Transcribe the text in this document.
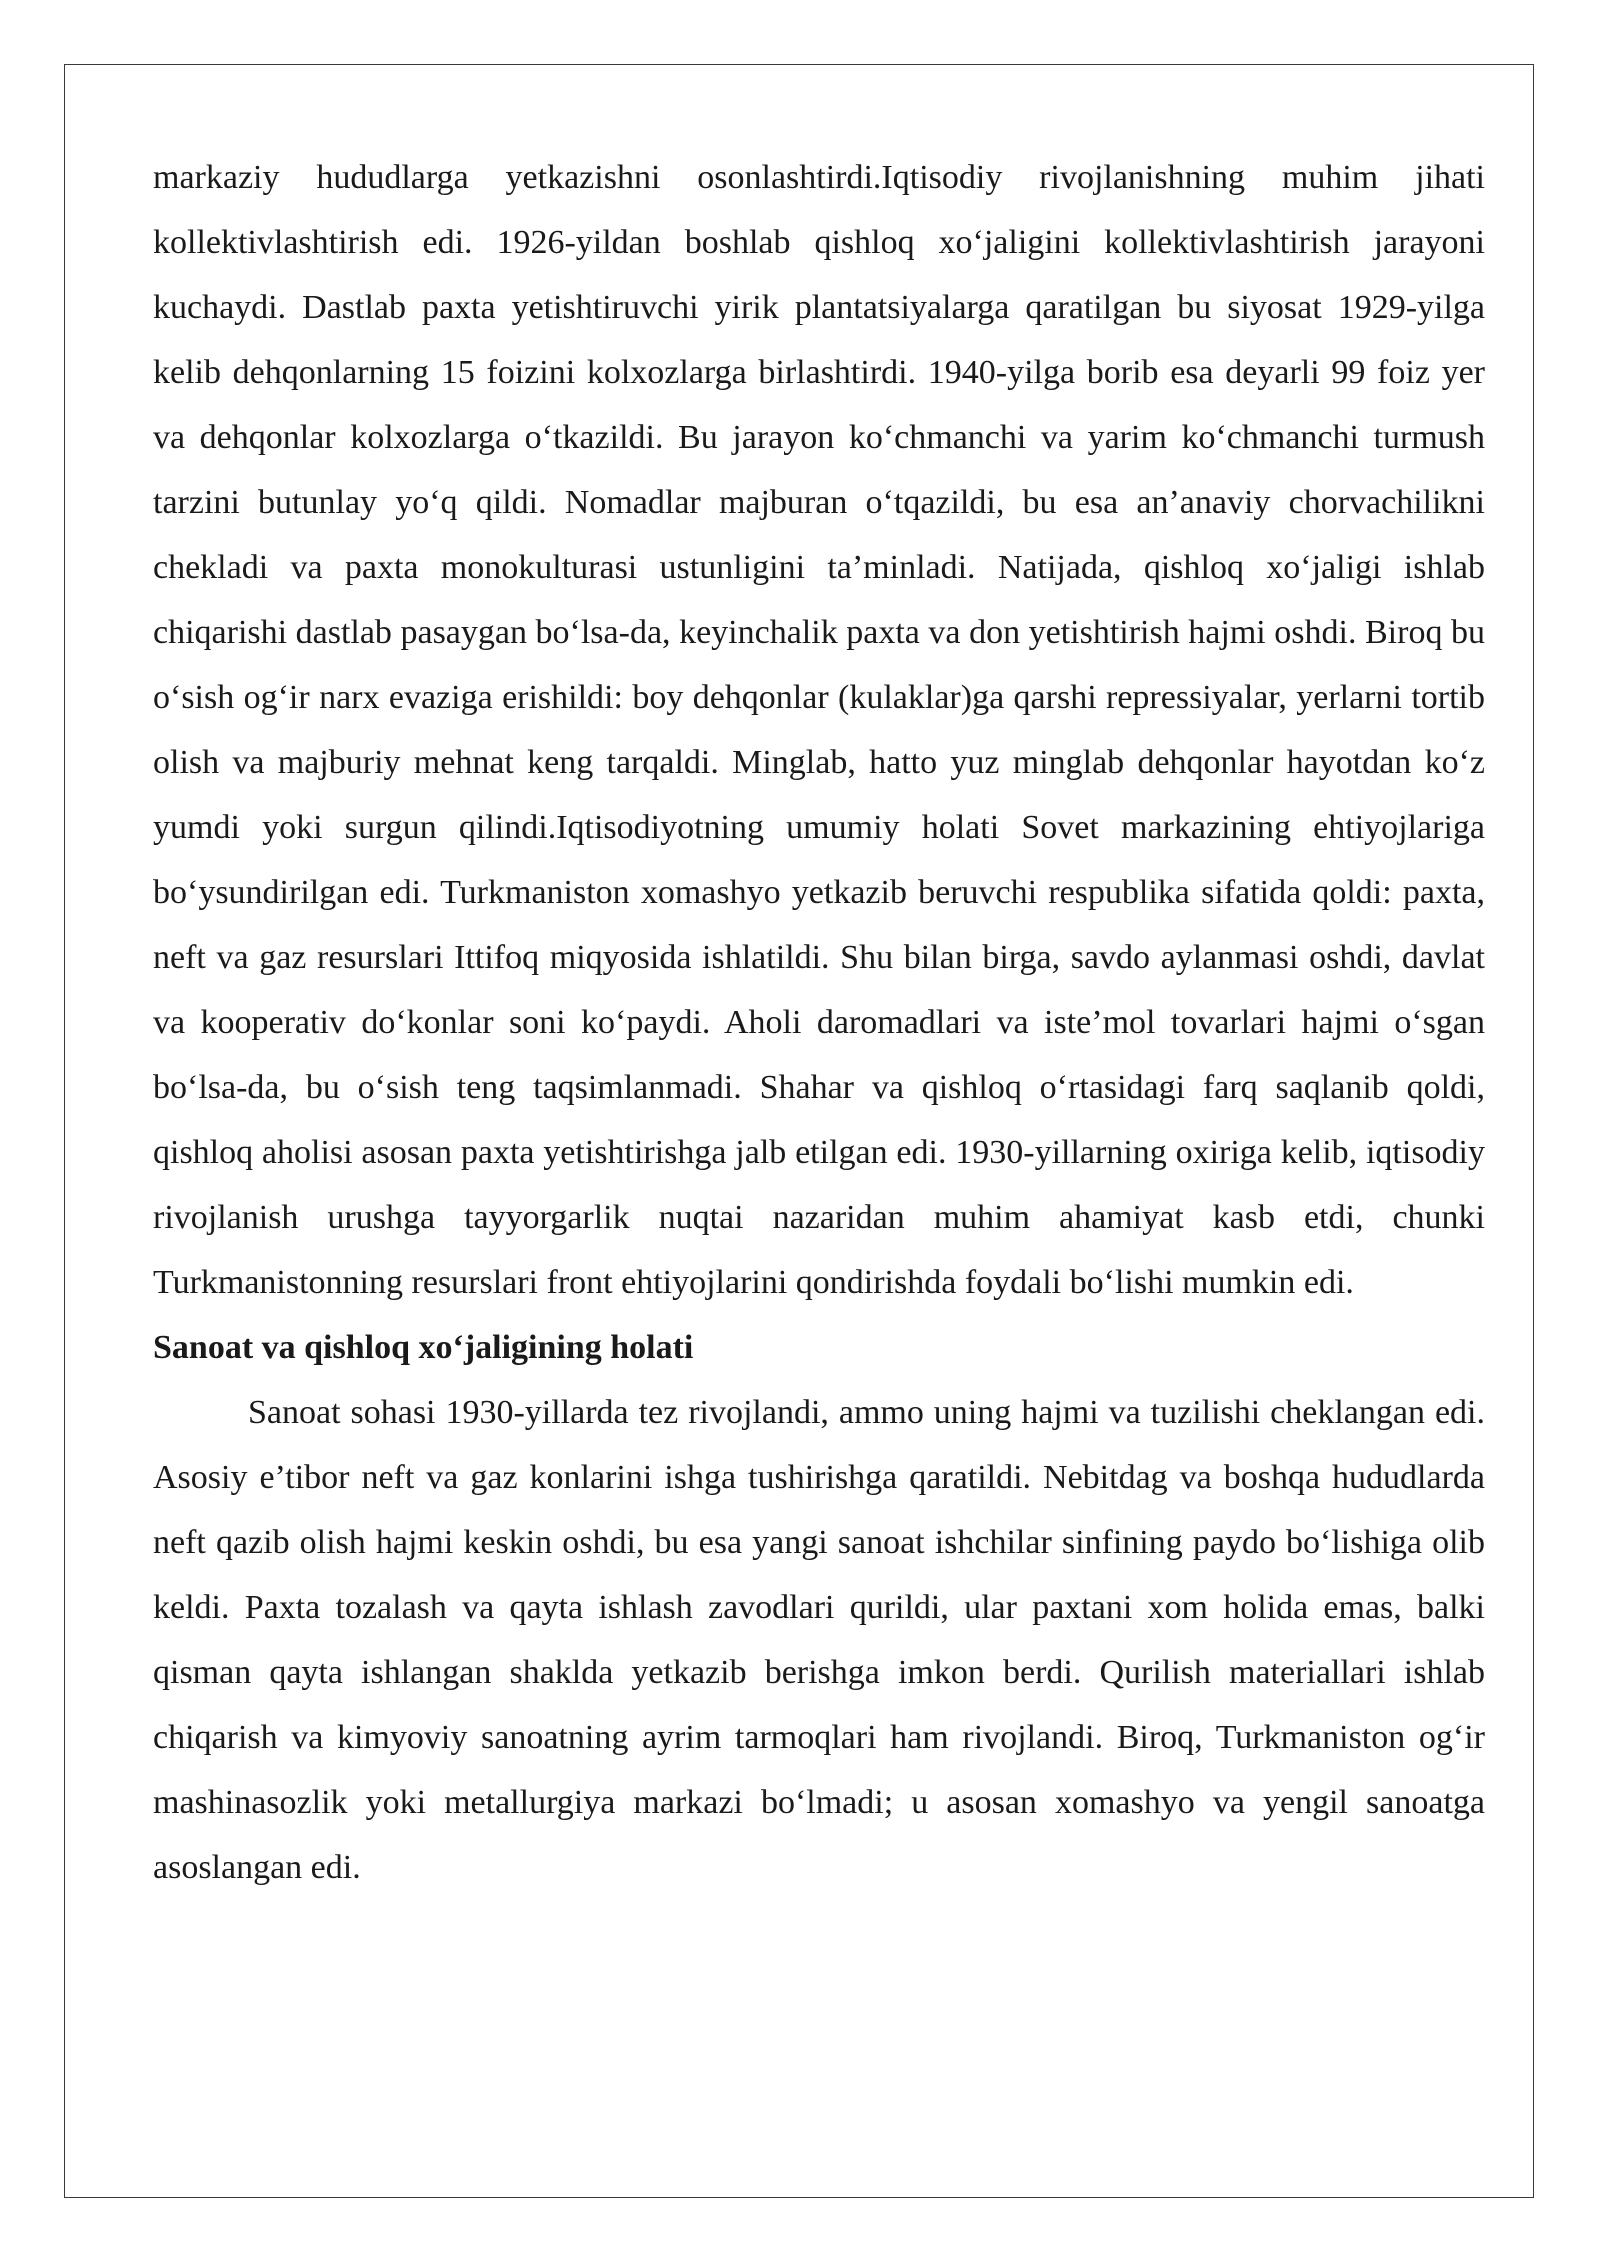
markaziy hududlarga yetkazishni osonlashtirdi.Iqtisodiy rivojlanishning muhim jihati kollektivlashtirish edi. 1926-yildan boshlab qishloq xo‘jaligini kollektivlashtirish jarayoni kuchaydi. Dastlab paxta yetishtiruvchi yirik plantatsiyalarga qaratilgan bu siyosat 1929-yilga kelib dehqonlarning 15 foizini kolxozlarga birlashtirdi. 1940-yilga borib esa deyarli 99 foiz yer va dehqonlar kolxozlarga o‘tkazildi. Bu jarayon ko‘chmanchi va yarim ko‘chmanchi turmush tarzini butunlay yo‘q qildi. Nomadlar majburan o‘tqazildi, bu esa an’anaviy chorvachilikni chekladi va paxta monokulturasi ustunligini ta’minladi. Natijada, qishloq xo‘jaligi ishlab chiqarishi dastlab pasaygan bo‘lsa-da, keyinchalik paxta va don yetishtirish hajmi oshdi. Biroq bu o‘sish og‘ir narx evaziga erishildi: boy dehqonlar (kulaklar)ga qarshi repressiyalar, yerlarni tortib olish va majburiy mehnat keng tarqaldi. Minglab, hatto yuz minglab dehqonlar hayotdan ko‘z yumdi yoki surgun qilindi.Iqtisodiyotning umumiy holati Sovet markazining ehtiyojlariga bo‘ysundirilgan edi. Turkmaniston xomashyo yetkazib beruvchi respublika sifatida qoldi: paxta, neft va gaz resurslari Ittifoq miqyosida ishlatildi. Shu bilan birga, savdo aylanmasi oshdi, davlat va kooperativ do‘konlar soni ko‘paydi. Aholi daromadlari va iste’mol tovarlari hajmi o‘sgan bo‘lsa-da, bu o‘sish teng taqsimlanmadi. Shahar va qishloq o‘rtasidagi farq saqlanib qoldi, qishloq aholisi asosan paxta yetishtirishga jalb etilgan edi. 1930-yillarning oxiriga kelib, iqtisodiy rivojlanish urushga tayyorgarlik nuqtai nazaridan muhim ahamiyat kasb etdi, chunki Turkmanistonning resurslari front ehtiyojlarini qondirishda foydali bo‘lishi mumkin edi.

Sanoat va qishloq xo‘jaligining holati

Sanoat sohasi 1930-yillarda tez rivojlandi, ammo uning hajmi va tuzilishi cheklangan edi. Asosiy e’tibor neft va gaz konlarini ishga tushirishga qaratildi. Nebitdag va boshqa hududlarda neft qazib olish hajmi keskin oshdi, bu esa yangi sanoat ishchilar sinfining paydo bo‘lishiga olib keldi. Paxta tozalash va qayta ishlash zavodlari qurildi, ular paxtani xom holida emas, balki qisman qayta ishlangan shaklda yetkazib berishga imkon berdi. Qurilish materiallari ishlab chiqarish va kimyoviy sanoatning ayrim tarmoqlari ham rivojlandi. Biroq, Turkmaniston og‘ir mashinasozlik yoki metallurgiya markazi bo‘lmadi; u asosan xomashyo va yengil sanoatga asoslangan edi.
